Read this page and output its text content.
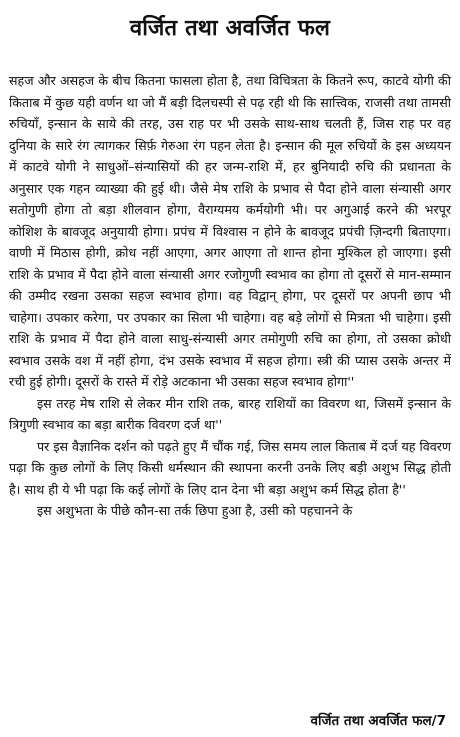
वर्जित तथा अवर्जित फल

सहज और असहज के बीच कितना फासला होता है, तथा विचित्रता के कितने रूप, काटवे योगी की किताब में कुछ यही वर्णन था जो मैं बड़ी दिलचस्पी से पढ़ रही थी कि सात्त्विक, राजसी तथा तामसी रुचियाँ, इन्सान के साये की तरह, उस राह पर भी उसके साथ-साथ चलती हैं, जिस राह पर वह दुनिया के सारे रंग त्यागकर सिर्फ़ गेरुआ रंग पहन लेता है। इन्सान की मूल रुचियों के इस अध्ययन में काटवे योगी ने साधुओं–संन्यासियों की हर जन्म-राशि में, हर बुनियादी रुचि की प्रधानता के अनुसार एक गहन व्याख्या की हुई थी। जैसे मेष राशि के प्रभाव से पैदा होने वाला संन्यासी अगर सतोगुणी होगा तो बड़ा शीलवान होगा, वैराग्यमय कर्मयोगी भी। पर अगुआई करने की भरपूर कोशिश के बावजूद अनुयायी होगा। प्रपंच में विश्वास न होने के बावजूद प्रपंची ज़िन्दगी बिताएगा। वाणी में मिठास होगी, क्रोध नहीं आएगा, अगर आएगा तो शान्त होना मुश्किल हो जाएगा। इसी राशि के प्रभाव में पैदा होने वाला संन्यासी अगर रजोगुणी स्वभाव का होगा तो दूसरों से मान-सम्मान की उम्मीद रखना उसका सहज स्वभाव होगा। वह विद्वान् होगा, पर दूसरों पर अपनी छाप भी चाहेगा। उपकार करेगा, पर उपकार का सिला भी चाहेगा। वह बड़े लोगों से मित्रता भी चाहेगा। इसी राशि के प्रभाव में पैदा होने वाला साधु-संन्यासी अगर तमोगुणी रुचि का होगा, तो उसका क्रोधी स्वभाव उसके वश में नहीं होगा, दंभ उसके स्वभाव में सहज होगा। स्त्री की प्यास उसके अन्तर में रची हुई होगी। दूसरों के रास्ते में रोड़े अटकाना भी उसका सहज स्वभाव होगा''

इस तरह मेष राशि से लेकर मीन राशि तक, बारह राशियों का विवरण था, जिसमें इन्सान के त्रिगुणी स्वभाव का बड़ा बारीक विवरण दर्ज था''

पर इस वैज्ञानिक दर्शन को पढ़ते हुए मैं चौंक गई, जिस समय लाल किताब में दर्ज यह विवरण पढ़ा कि कुछ लोगों के लिए किसी धर्मस्थान की स्थापना करनी उनके लिए बड़ी अशुभ सिद्ध होती है। साथ ही ये भी पढ़ा कि कई लोगों के लिए दान देना भी बड़ा अशुभ कर्म सिद्ध होता है''

इस अशुभता के पीछे कौन-सा तर्क छिपा हुआ है, उसी को पहचानने के

वर्जित तथा अवर्जित फल/7
